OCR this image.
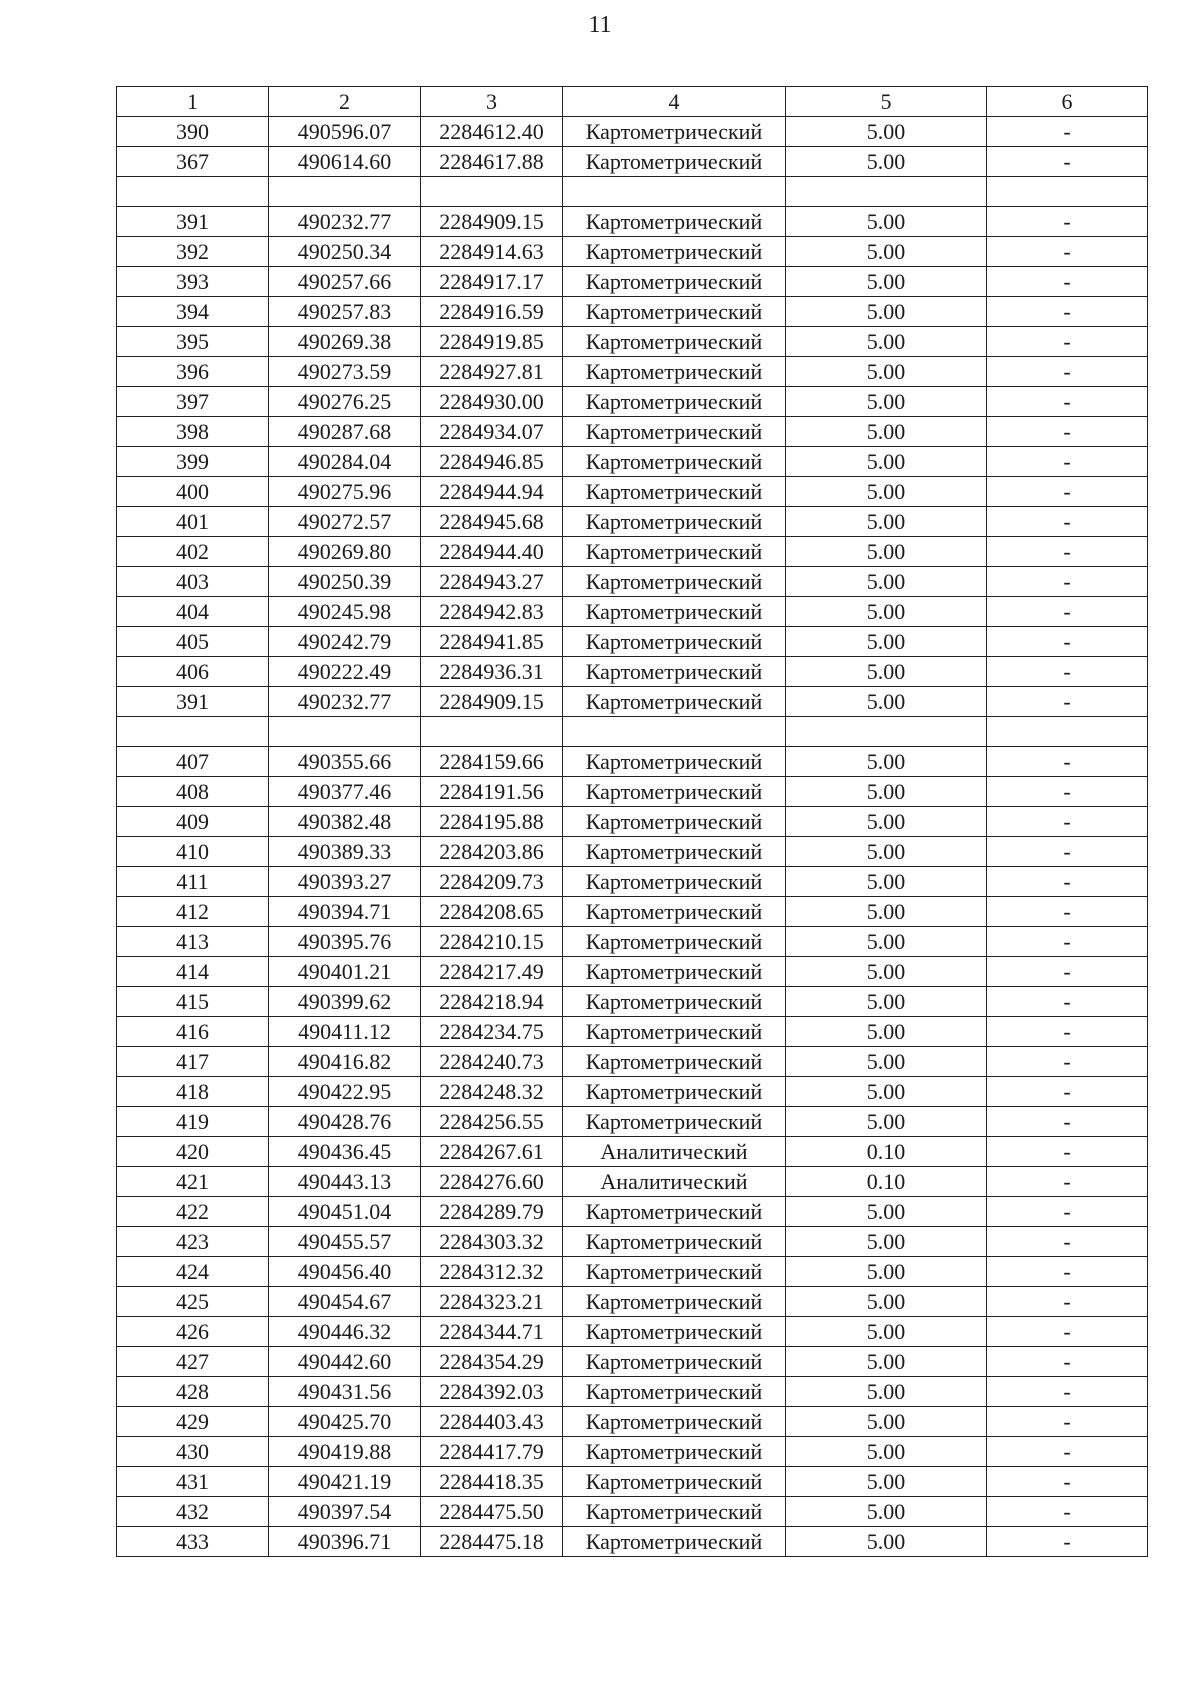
11
1	2	3	4	5	6
390	490596.07	2284612.40	Картометрический	5.00	-
367	490614.60	2284617.88	Картометрический	5.00	-

391	490232.77	2284909.15	Картометрический	5.00	-
392	490250.34	2284914.63	Картометрический	5.00	-
393	490257.66	2284917.17	Картометрический	5.00	-
394	490257.83	2284916.59	Картометрический	5.00	-
395	490269.38	2284919.85	Картометрический	5.00	-
396	490273.59	2284927.81	Картометрический	5.00	-
397	490276.25	2284930.00	Картометрический	5.00	-
398	490287.68	2284934.07	Картометрический	5.00	-
399	490284.04	2284946.85	Картометрический	5.00	-
400	490275.96	2284944.94	Картометрический	5.00	-
401	490272.57	2284945.68	Картометрический	5.00	-
402	490269.80	2284944.40	Картометрический	5.00	-
403	490250.39	2284943.27	Картометрический	5.00	-
404	490245.98	2284942.83	Картометрический	5.00	-
405	490242.79	2284941.85	Картометрический	5.00	-
406	490222.49	2284936.31	Картометрический	5.00	-
391	490232.77	2284909.15	Картометрический	5.00	-

407	490355.66	2284159.66	Картометрический	5.00	-
408	490377.46	2284191.56	Картометрический	5.00	-
409	490382.48	2284195.88	Картометрический	5.00	-
410	490389.33	2284203.86	Картометрический	5.00	-
411	490393.27	2284209.73	Картометрический	5.00	-
412	490394.71	2284208.65	Картометрический	5.00	-
413	490395.76	2284210.15	Картометрический	5.00	-
414	490401.21	2284217.49	Картометрический	5.00	-
415	490399.62	2284218.94	Картометрический	5.00	-
416	490411.12	2284234.75	Картометрический	5.00	-
417	490416.82	2284240.73	Картометрический	5.00	-
418	490422.95	2284248.32	Картометрический	5.00	-
419	490428.76	2284256.55	Картометрический	5.00	-
420	490436.45	2284267.61	Аналитический	0.10	-
421	490443.13	2284276.60	Аналитический	0.10	-
422	490451.04	2284289.79	Картометрический	5.00	-
423	490455.57	2284303.32	Картометрический	5.00	-
424	490456.40	2284312.32	Картометрический	5.00	-
425	490454.67	2284323.21	Картометрический	5.00	-
426	490446.32	2284344.71	Картометрический	5.00	-
427	490442.60	2284354.29	Картометрический	5.00	-
428	490431.56	2284392.03	Картометрический	5.00	-
429	490425.70	2284403.43	Картометрический	5.00	-
430	490419.88	2284417.79	Картометрический	5.00	-
431	490421.19	2284418.35	Картометрический	5.00	-
432	490397.54	2284475.50	Картометрический	5.00	-
433	490396.71	2284475.18	Картометрический	5.00	-
